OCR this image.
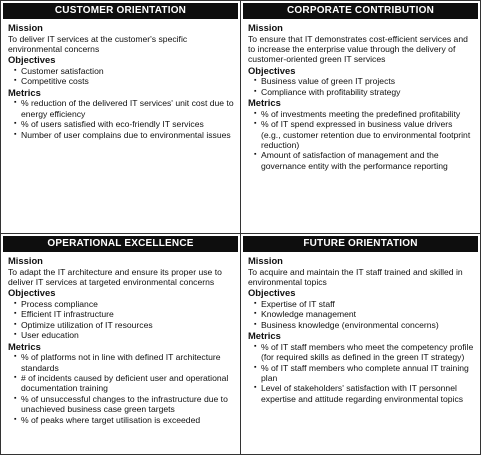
CUSTOMER ORIENTATION
Mission
To deliver IT services at the customer's specific environmental concerns
Objectives
▪ Customer satisfaction
▪ Competitive costs
Metrics
▪ % reduction of the delivered IT services' unit cost due to energy efficiency
▪ % of users satisfied with eco-friendly IT services
▪ Number of user complains due to environmental issues
CORPORATE CONTRIBUTION
Mission
To ensure that IT demonstrates cost-efficient services and to increase the enterprise value through the delivery of customer-oriented green IT services
Objectives
▪ Business value of green IT projects
▪ Compliance with profitability strategy
Metrics
▪ % of investments meeting the predefined profitability
▪ % of IT spend expressed in business value drivers (e.g., customer retention due to environmental footprint reduction)
▪ Amount of satisfaction of management and the governance entity with the performance reporting
OPERATIONAL EXCELLENCE
Mission
To adapt the IT architecture and ensure its proper use to deliver IT services at targeted environmental concerns
Objectives
▪ Process compliance
▪ Efficient IT infrastructure
▪ Optimize utilization of IT resources
▪ User education
Metrics
▪ % of platforms not in line with defined IT architecture standards
▪ # of incidents caused by deficient user and operational documentation training
▪ % of unsuccessful changes to the infrastructure due to unachieved business case green targets
▪ % of peaks where target utilisation is exceeded
FUTURE ORIENTATION
Mission
To acquire and maintain the IT staff trained and skilled in environmental topics
Objectives
▪ Expertise of IT staff
▪ Knowledge management
▪ Business knowledge (environmental concerns)
Metrics
▪ % of IT staff members who meet the competency profile (for required skills as defined in the green IT strategy)
▪ % of IT staff members who complete annual IT training plan
▪ Level of stakeholders' satisfaction with IT personnel expertise and attitude regarding environmental topics
